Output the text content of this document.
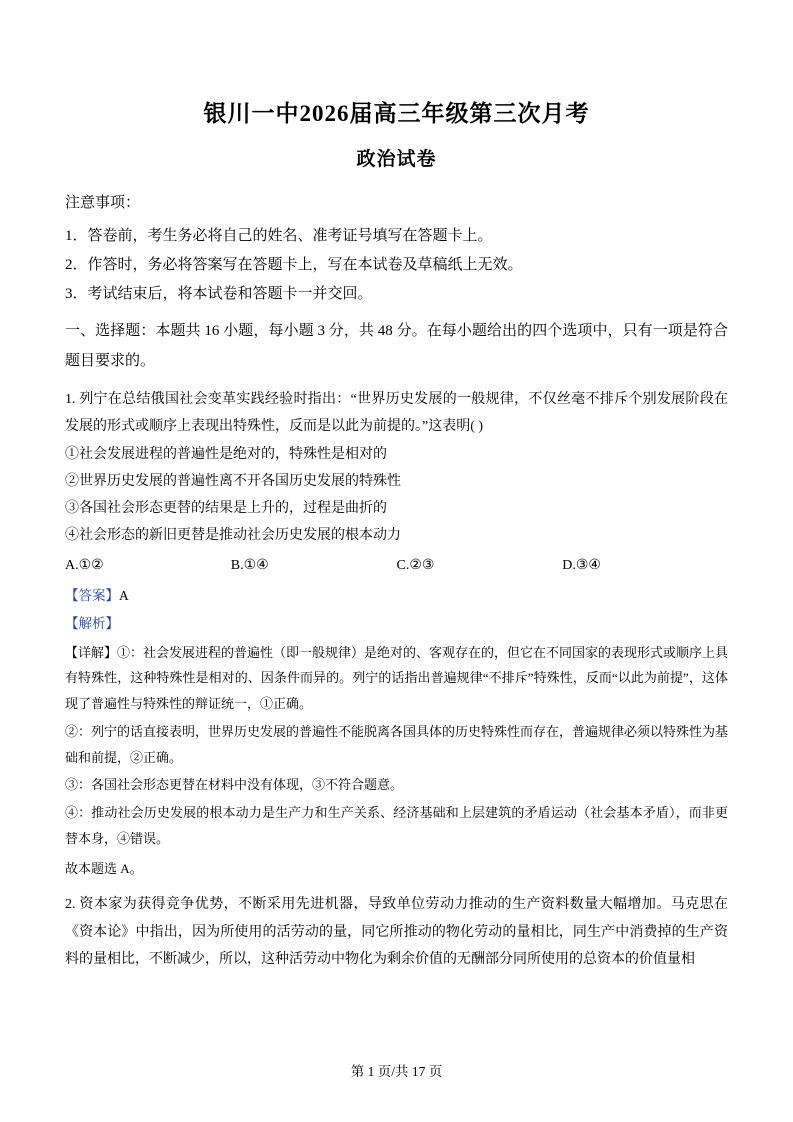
银川一中2026届高三年级第三次月考
政治试卷

注意事项：

1．答卷前，考生务必将自己的姓名、准考证号填写在答题卡上。

2．作答时，务必将答案写在答题卡上，写在本试卷及草稿纸上无效。

3．考试结束后，将本试卷和答题卡一并交回。

一、选择题：本题共 16 小题，每小题 3 分，共 48 分。在每小题给出的四个选项中，只有一项是符合题目要求的。

1. 列宁在总结俄国社会变革实践经验时指出：“世界历史发展的一般规律，不仅丝毫不排斥个别发展阶段在发展的形式或顺序上表现出特殊性，反而是以此为前提的。”这表明( )

①社会发展进程的普遍性是绝对的，特殊性是相对的

②世界历史发展的普遍性离不开各国历史发展的特殊性

③各国社会形态更替的结果是上升的，过程是曲折的

④社会形态的新旧更替是推动社会历史发展的根本动力

A.①②	B.①④	C.②③	D.③④

【答案】A

【解析】

【详解】①：社会发展进程的普遍性（即一般规律）是绝对的、客观存在的，但它在不同国家的表现形式或顺序上具有特殊性，这种特殊性是相对的、因条件而异的。列宁的话指出普遍规律“不排斥”特殊性，反而“以此为前提”，这体现了普遍性与特殊性的辩证统一，①正确。

②：列宁的话直接表明，世界历史发展的普遍性不能脱离各国具体的历史特殊性而存在，普遍规律必须以特殊性为基础和前提，②正确。

③：各国社会形态更替在材料中没有体现，③不符合题意。

④：推动社会历史发展的根本动力是生产力和生产关系、经济基础和上层建筑的矛盾运动（社会基本矛盾），而非更替本身，④错误。

故本题选 A。

2. 资本家为获得竞争优势，不断采用先进机器，导致单位劳动力推动的生产资料数量大幅增加。马克思在《资本论》中指出，因为所使用的活劳动的量，同它所推动的物化劳动的量相比，同生产中消费掉的生产资料的量相比，不断减少，所以，这种活劳动中物化为剩余价值的无酬部分同所使用的总资本的价值量相

第 1 页/共 17 页
